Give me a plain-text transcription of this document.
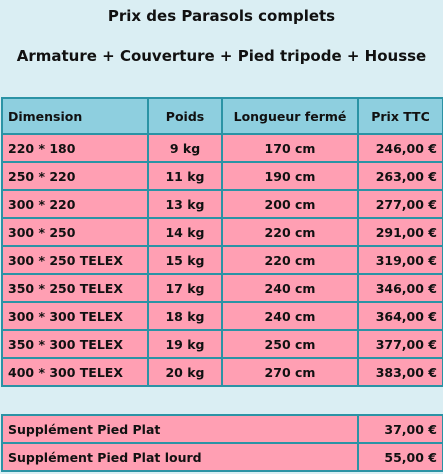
Prix des Parasols complets
Armature + Couverture + Pied tripode + Housse
Dimension	Poids	Longueur fermé	Prix TTC
220 * 180	9 kg	170 cm	246,00 €
250 * 220	11 kg	190 cm	263,00 €
300 * 220	13 kg	200 cm	277,00 €
300 * 250	14 kg	220 cm	291,00 €
300 * 250 TELEX	15 kg	220 cm	319,00 €
350 * 250 TELEX	17 kg	240 cm	346,00 €
300 * 300 TELEX	18 kg	240 cm	364,00 €
350 * 300 TELEX	19 kg	250 cm	377,00 €
400 * 300 TELEX	20 kg	270 cm	383,00 €
Supplément Pied Plat	37,00 €
Supplément Pied Plat lourd	55,00 €
